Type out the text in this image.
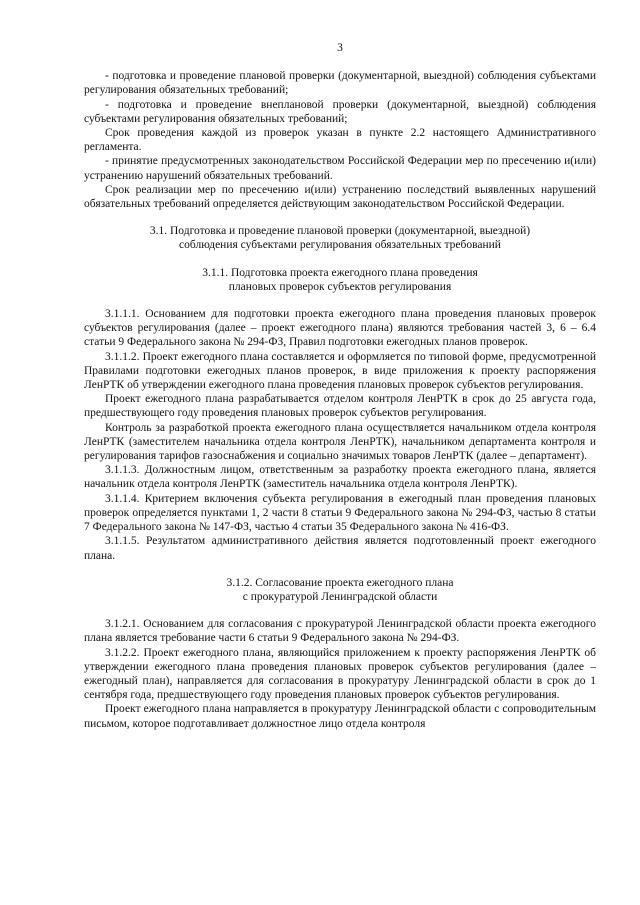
3

- подготовка и проведение плановой проверки (документарной, выездной) соблюдения субъектами регулирования обязательных требований;

- подготовка и проведение внеплановой проверки (документарной, выездной) соблюдения субъектами регулирования обязательных требований;

Срок проведения каждой из проверок указан в пункте 2.2 настоящего Административного регламента.

- принятие предусмотренных законодательством Российской Федерации мер по пресечению и(или) устранению нарушений обязательных требований.

Срок реализации мер по пресечению и(или) устранению последствий выявленных нарушений обязательных требований определяется действующим законодательством Российской Федерации.

3.1. Подготовка и проведение плановой проверки (документарной, выездной)

соблюдения субъектами регулирования обязательных требований

3.1.1. Подготовка проекта ежегодного плана проведения

плановых проверок субъектов регулирования

3.1.1.1. Основанием для подготовки проекта ежегодного плана проведения плановых проверок субъектов регулирования (далее – проект ежегодного плана) являются требования частей 3, 6 – 6.4 статьи 9 Федерального закона № 294-ФЗ, Правил подготовки ежегодных планов проверок.

3.1.1.2. Проект ежегодного плана составляется и оформляется по типовой форме, предусмотренной Правилами подготовки ежегодных планов проверок, в виде приложения к проекту распоряжения ЛенРТК об утверждении ежегодного плана проведения плановых проверок субъектов регулирования.

Проект ежегодного плана разрабатывается отделом контроля ЛенРТК в срок до 25 августа года, предшествующего году проведения плановых проверок субъектов регулирования.

Контроль за разработкой проекта ежегодного плана осуществляется начальником отдела контроля ЛенРТК (заместителем начальника отдела контроля ЛенРТК), начальником департамента контроля и регулирования тарифов газоснабжения и социально значимых товаров ЛенРТК (далее – департамент).

3.1.1.3. Должностным лицом, ответственным за разработку проекта ежегодного плана, является начальник отдела контроля ЛенРТК (заместитель начальника отдела контроля ЛенРТК).

3.1.1.4. Критерием включения субъекта регулирования в ежегодный план проведения плановых проверок определяется пунктами 1, 2 части 8 статьи 9 Федерального закона № 294-ФЗ, частью 8 статьи 7 Федерального закона № 147-ФЗ, частью 4 статьи 35 Федерального закона № 416-ФЗ.

3.1.1.5. Результатом административного действия является подготовленный проект ежегодного плана.

3.1.2. Согласование проекта ежегодного плана

с прокуратурой Ленинградской области

3.1.2.1. Основанием для согласования с прокуратурой Ленинградской области проекта ежегодного плана является требование части 6 статьи 9 Федерального закона № 294-ФЗ.

3.1.2.2. Проект ежегодного плана, являющийся приложением к проекту распоряжения ЛенРТК об утверждении ежегодного плана проведения плановых проверок субъектов регулирования (далее – ежегодный план), направляется для согласования в прокуратуру Ленинградской области в срок до 1 сентября года, предшествующего году проведения плановых проверок субъектов регулирования.

Проект ежегодного плана направляется в прокуратуру Ленинградской области с сопроводительным письмом, которое подготавливает должностное лицо отдела контроля
